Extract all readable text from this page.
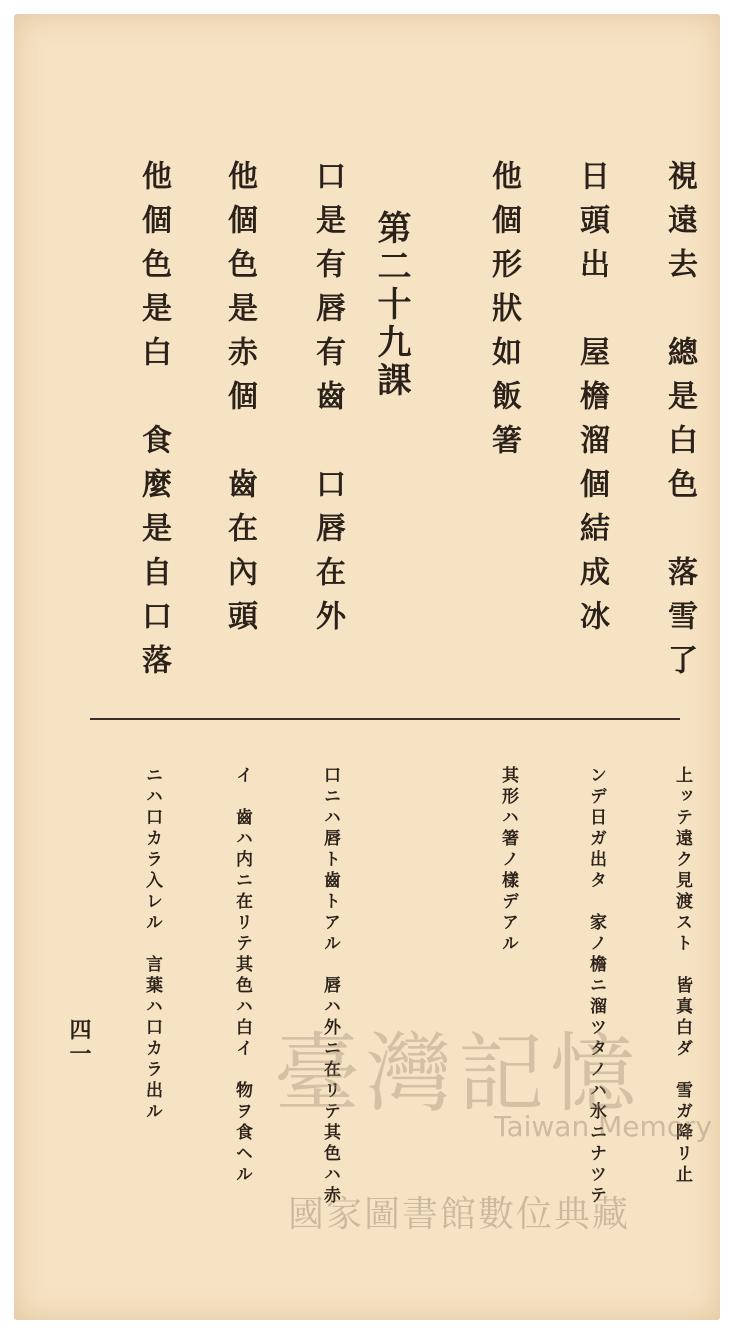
視遠去　總是白色　落雪了
日頭出　屋檐溜個結成冰
他個形狀如飯箸
第二十九課
口是有唇有齒　口唇在外
他個色是赤個　齒在內頭
他個色是白　食麼是自口落
上ッテ遠ク見渡スト　皆真白ダ　雪ガ降リ止
ンデ日ガ出タ　家ノ檐ニ溜ツタノハ氷ニナツテ
其形ハ箸ノ樣デアル
口ニハ唇ト齒トアル　唇ハ外ニ在リテ其色ハ赤
イ　齒ハ内ニ在リテ其色ハ白イ　物ヲ食ヘル
ニハ口カラ入レル　言葉ハ口カラ出ル
四一 臺灣記憶
Taiwan Memory
國家圖書館數位典藏
